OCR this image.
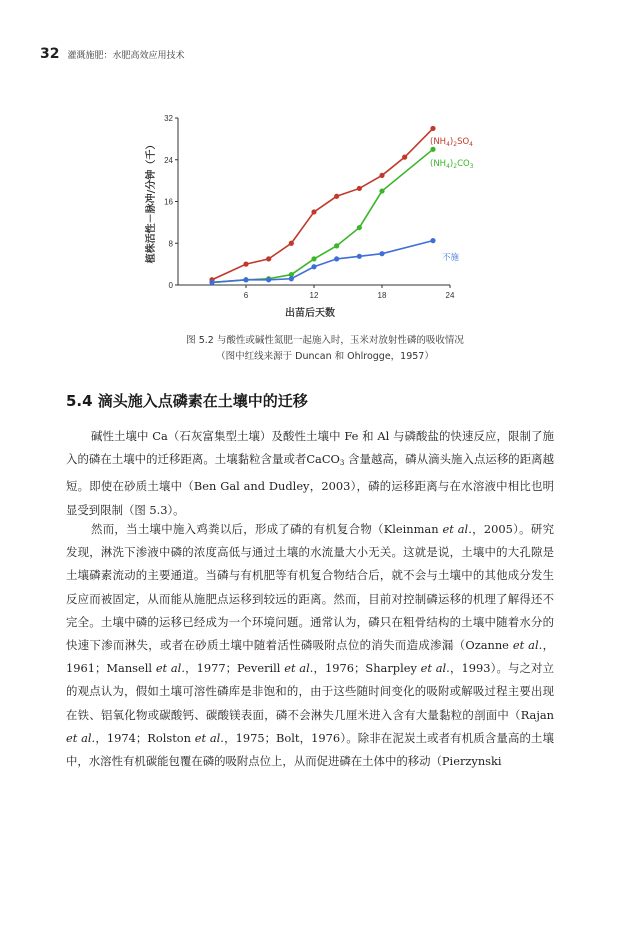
32 灌溉施肥：水肥高效应用技术
0
8
16
24
32
6	12	18	24
出苗后天数
植株活性－脉冲/分钟（千）	$(NH_4)_2SO_4$
$(NH_4)_2CO_3$
不施
图 5.2 与酸性或碱性氮肥一起施入时，玉米对放射性磷的吸收情况
（图中红线来源于 Duncan 和 Ohlrogge，1957）
5.4 滴头施入点磷素在土壤中的迁移
碱性土壤中 Ca（石灰富集型土壤）及酸性土壤中 Fe 和 Al 与磷酸盐的快速反应，限制了施入的磷在土壤中的迁移距离。土壤黏粒含量或者CaCO$_3$ 含量越高，磷从滴头施入点运移的距离越短。即使在砂质土壤中（Ben Gal and Dudley，2003），磷的运移距离与在水溶液中相比也明显受到限制（图 5.3）。
然而，当土壤中施入鸡粪以后，形成了磷的有机复合物（Kleinman et al.，2005）。研究发现，淋洗下渗液中磷的浓度高低与通过土壤的水流量大小无关。这就是说，土壤中的大孔隙是土壤磷素流动的主要通道。当磷与有机肥等有机复合物结合后，就不会与土壤中的其他成分发生反应而被固定，从而能从施肥点运移到较远的距离。然而，目前对控制磷运移的机理了解得还不完全。土壤中磷的运移已经成为一个环境问题。通常认为，磷只在粗骨结构的土壤中随着水分的快速下渗而淋失，或者在砂质土壤中随着活性磷吸附点位的消失而造成渗漏（Ozanne et al.，1961；Mansell et al.，1977；Peverill et al.，1976；Sharpley et al.，1993）。与之对立的观点认为，假如土壤可溶性磷库是非饱和的，由于这些随时间变化的吸附或解吸过程主要出现在铁、铝氧化物或碳酸钙、碳酸镁表面，磷不会淋失几厘米进入含有大量黏粒的剖面中（Rajan et al.，1974；Rolston et al.，1975；Bolt，1976）。除非在泥炭土或者有机质含量高的土壤中，水溶性有机碳能包覆在磷的吸附点位上，从而促进磷在土体中的移动（Pierzynski
